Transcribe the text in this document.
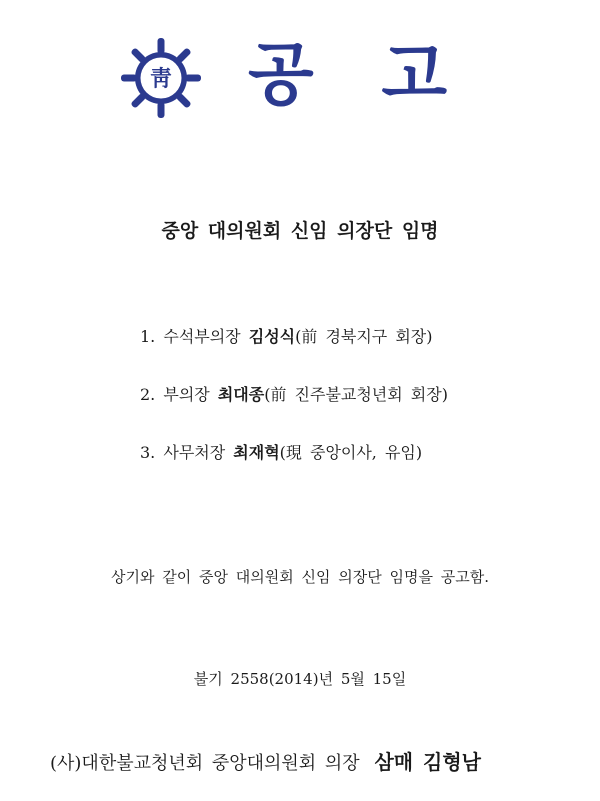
靑 공 고
중앙 대의원회 신임 의장단 임명
1. 수석부의장 김성식(前 경북지구 회장)
2. 부의장 최대종(前 진주불교청년회 회장)
3. 사무처장 최재혁(現 중앙이사, 유임)
상기와 같이 중앙 대의원회 신임 의장단 임명을 공고함.
불기 2558(2014)년 5월 15일
(사)대한불교청년회 중앙대의원회 의장 삼매 김형남
